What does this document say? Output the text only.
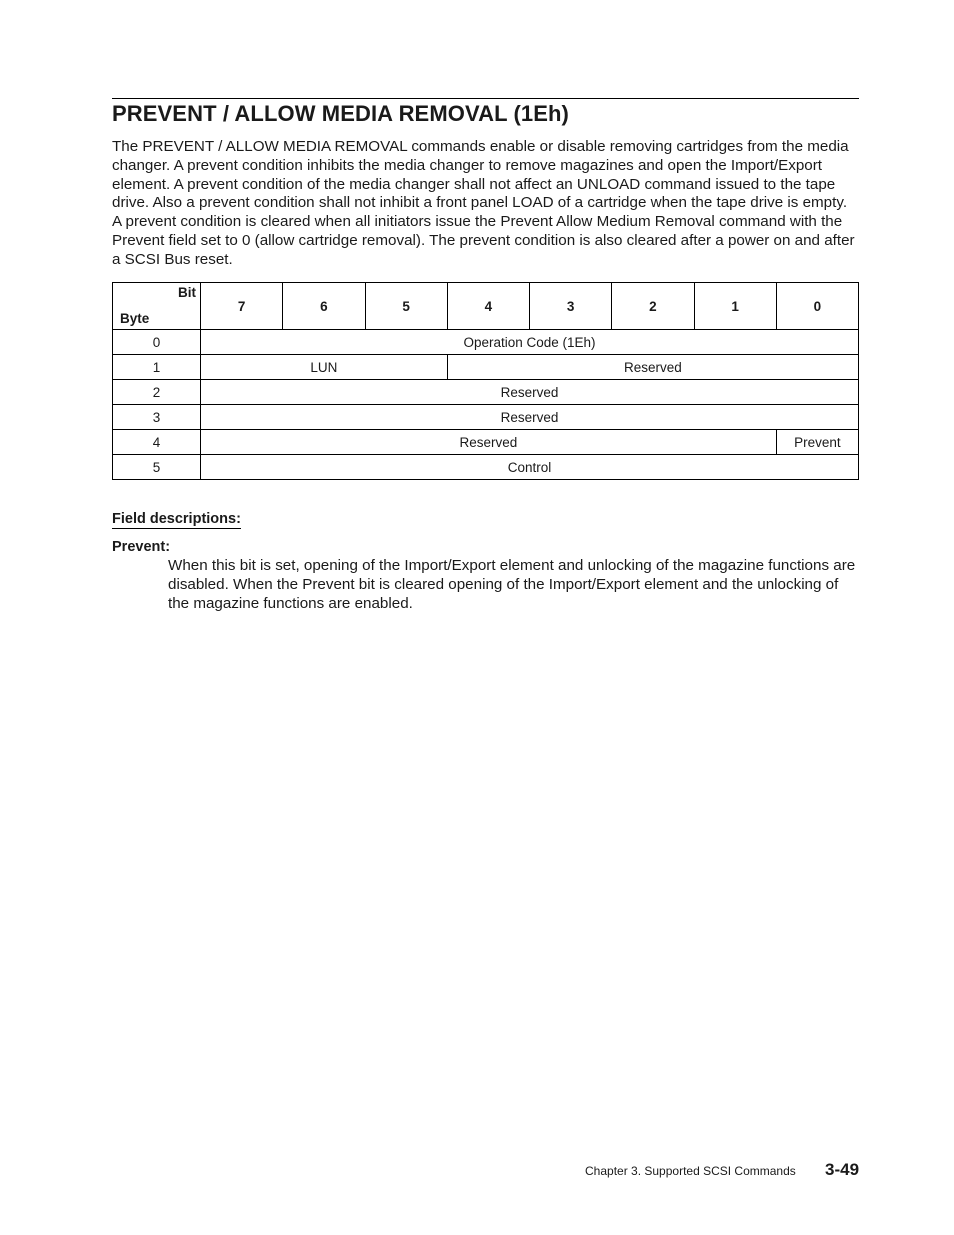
PREVENT / ALLOW MEDIA REMOVAL (1Eh)

The PREVENT / ALLOW MEDIA REMOVAL commands enable or disable removing cartridges from the media changer. A prevent condition inhibits the media changer to remove magazines and open the Import/Export element. A prevent condition of the media changer shall not affect an UNLOAD command issued to the tape drive. Also a prevent condition shall not inhibit a front panel LOAD of a cartridge when the tape drive is empty. A prevent condition is cleared when all initiators issue the Prevent Allow Medium Removal command with the Prevent field set to 0 (allow cartridge removal). The prevent condition is also cleared after a power on and after a SCSI Bus reset.

Bit
Byte	7	6	5	4	3	2	1	0
0	Operation Code (1Eh)							
1	LUN			Reserved				
2	Reserved							
3	Reserved							
4	Reserved							Prevent
5	Control							
Field descriptions:
Prevent:

When this bit is set, opening of the Import/Export element and unlocking of the magazine functions are disabled. When the Prevent bit is cleared opening of the Import/Export element and the unlocking of the magazine functions are enabled.

Chapter 3. Supported SCSI Commands 3-49
